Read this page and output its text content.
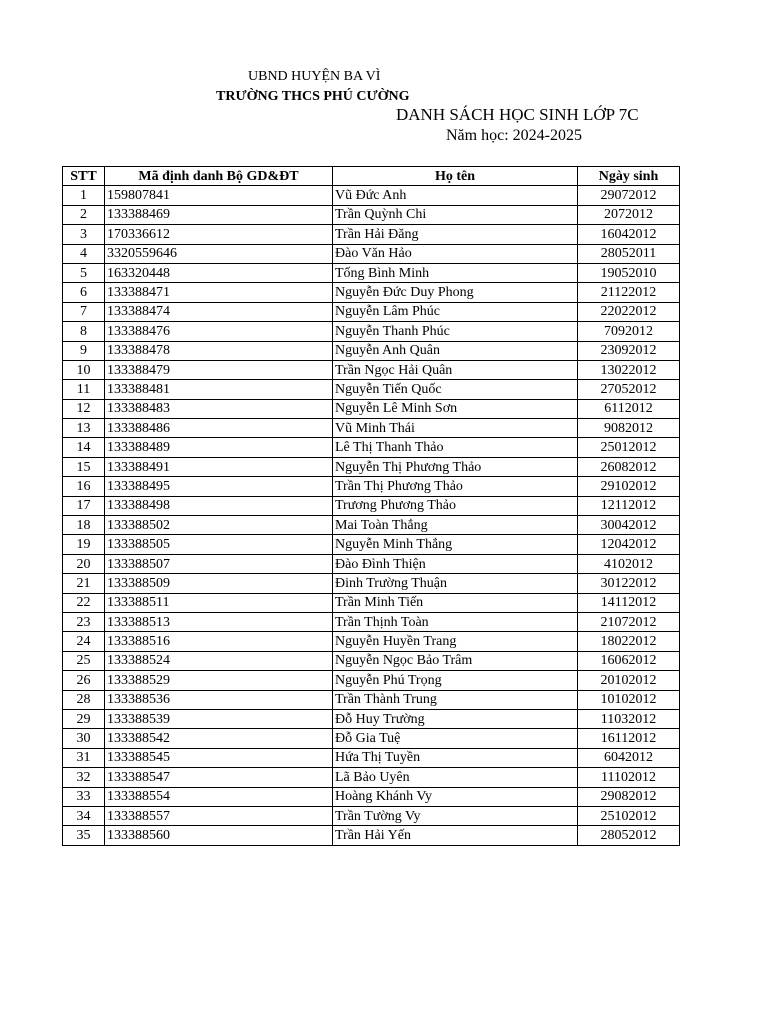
UBND HUYỆN BA VÌ
TRƯỜNG THCS PHÚ CƯỜNG
DANH SÁCH HỌC SINH LỚP 7C
Năm học: 2024-2025
STT	Mã định danh Bộ GD&ĐT	Họ tên	Ngày sinh
1	159807841	Vũ Đức Anh	29072012
2	133388469	Trần Quỳnh Chi	2072012
3	170336612	Trần Hải Đăng	16042012
4	3320559646	Đào Văn Hảo	28052011
5	163320448	Tống Bình Minh	19052010
6	133388471	Nguyễn Đức Duy Phong	21122012
7	133388474	Nguyễn Lâm Phúc	22022012
8	133388476	Nguyễn Thanh Phúc	7092012
9	133388478	Nguyễn Anh Quân	23092012
10	133388479	Trần Ngọc Hải Quân	13022012
11	133388481	Nguyễn Tiến Quốc	27052012
12	133388483	Nguyễn Lê Minh Sơn	6112012
13	133388486	Vũ Minh Thái	9082012
14	133388489	Lê Thị Thanh Thảo	25012012
15	133388491	Nguyễn Thị Phương Thảo	26082012
16	133388495	Trần Thị Phương Thảo	29102012
17	133388498	Trương Phương Thảo	12112012
18	133388502	Mai Toàn Thắng	30042012
19	133388505	Nguyễn Minh Thắng	12042012
20	133388507	Đào Đình Thiện	4102012
21	133388509	Đinh Trường Thuận	30122012
22	133388511	Trần Minh Tiến	14112012
23	133388513	Trần Thịnh Toàn	21072012
24	133388516	Nguyễn Huyền Trang	18022012
25	133388524	Nguyễn Ngọc Bảo Trâm	16062012
26	133388529	Nguyễn Phú Trọng	20102012
28	133388536	Trần Thành Trung	10102012
29	133388539	Đỗ Huy Trường	11032012
30	133388542	Đỗ Gia Tuệ	16112012
31	133388545	Hứa Thị Tuyền	6042012
32	133388547	Lã Bảo Uyên	11102012
33	133388554	Hoàng Khánh Vy	29082012
34	133388557	Trần Tường Vy	25102012
35	133388560	Trần Hải Yến	28052012
